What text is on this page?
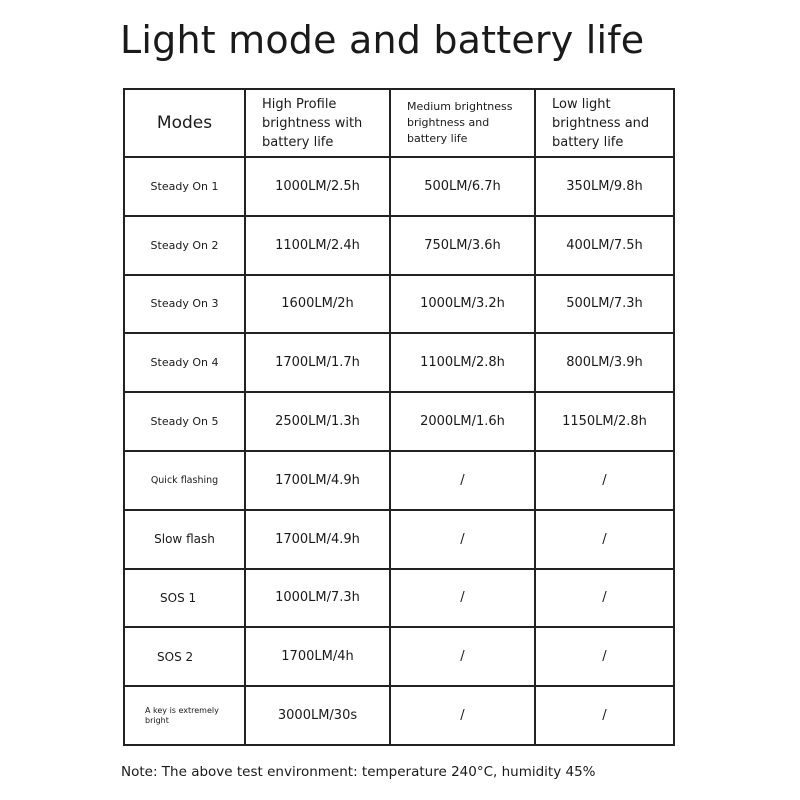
Light mode and battery life
Modes	High Profile
brightness with
battery life	Medium brightness
brightness and
battery life	Low light
brightness and
battery life
Steady On 1	1000LM/2.5h	500LM/6.7h	350LM/9.8h
Steady On 2	1100LM/2.4h	750LM/3.6h	400LM/7.5h
Steady On 3	1600LM/2h	1000LM/3.2h	500LM/7.3h
Steady On 4	1700LM/1.7h	1100LM/2.8h	800LM/3.9h
Steady On 5	2500LM/1.3h	2000LM/1.6h	1150LM/2.8h
Quick flashing	1700LM/4.9h	/	/
Slow flash	1700LM/4.9h	/	/
SOS 1	1000LM/7.3h	/	/
SOS 2	1700LM/4h	/	/
A key is extremely bright	3000LM/30s	/	/
Note: The above test environment: temperature 240°C, humidity 45%
